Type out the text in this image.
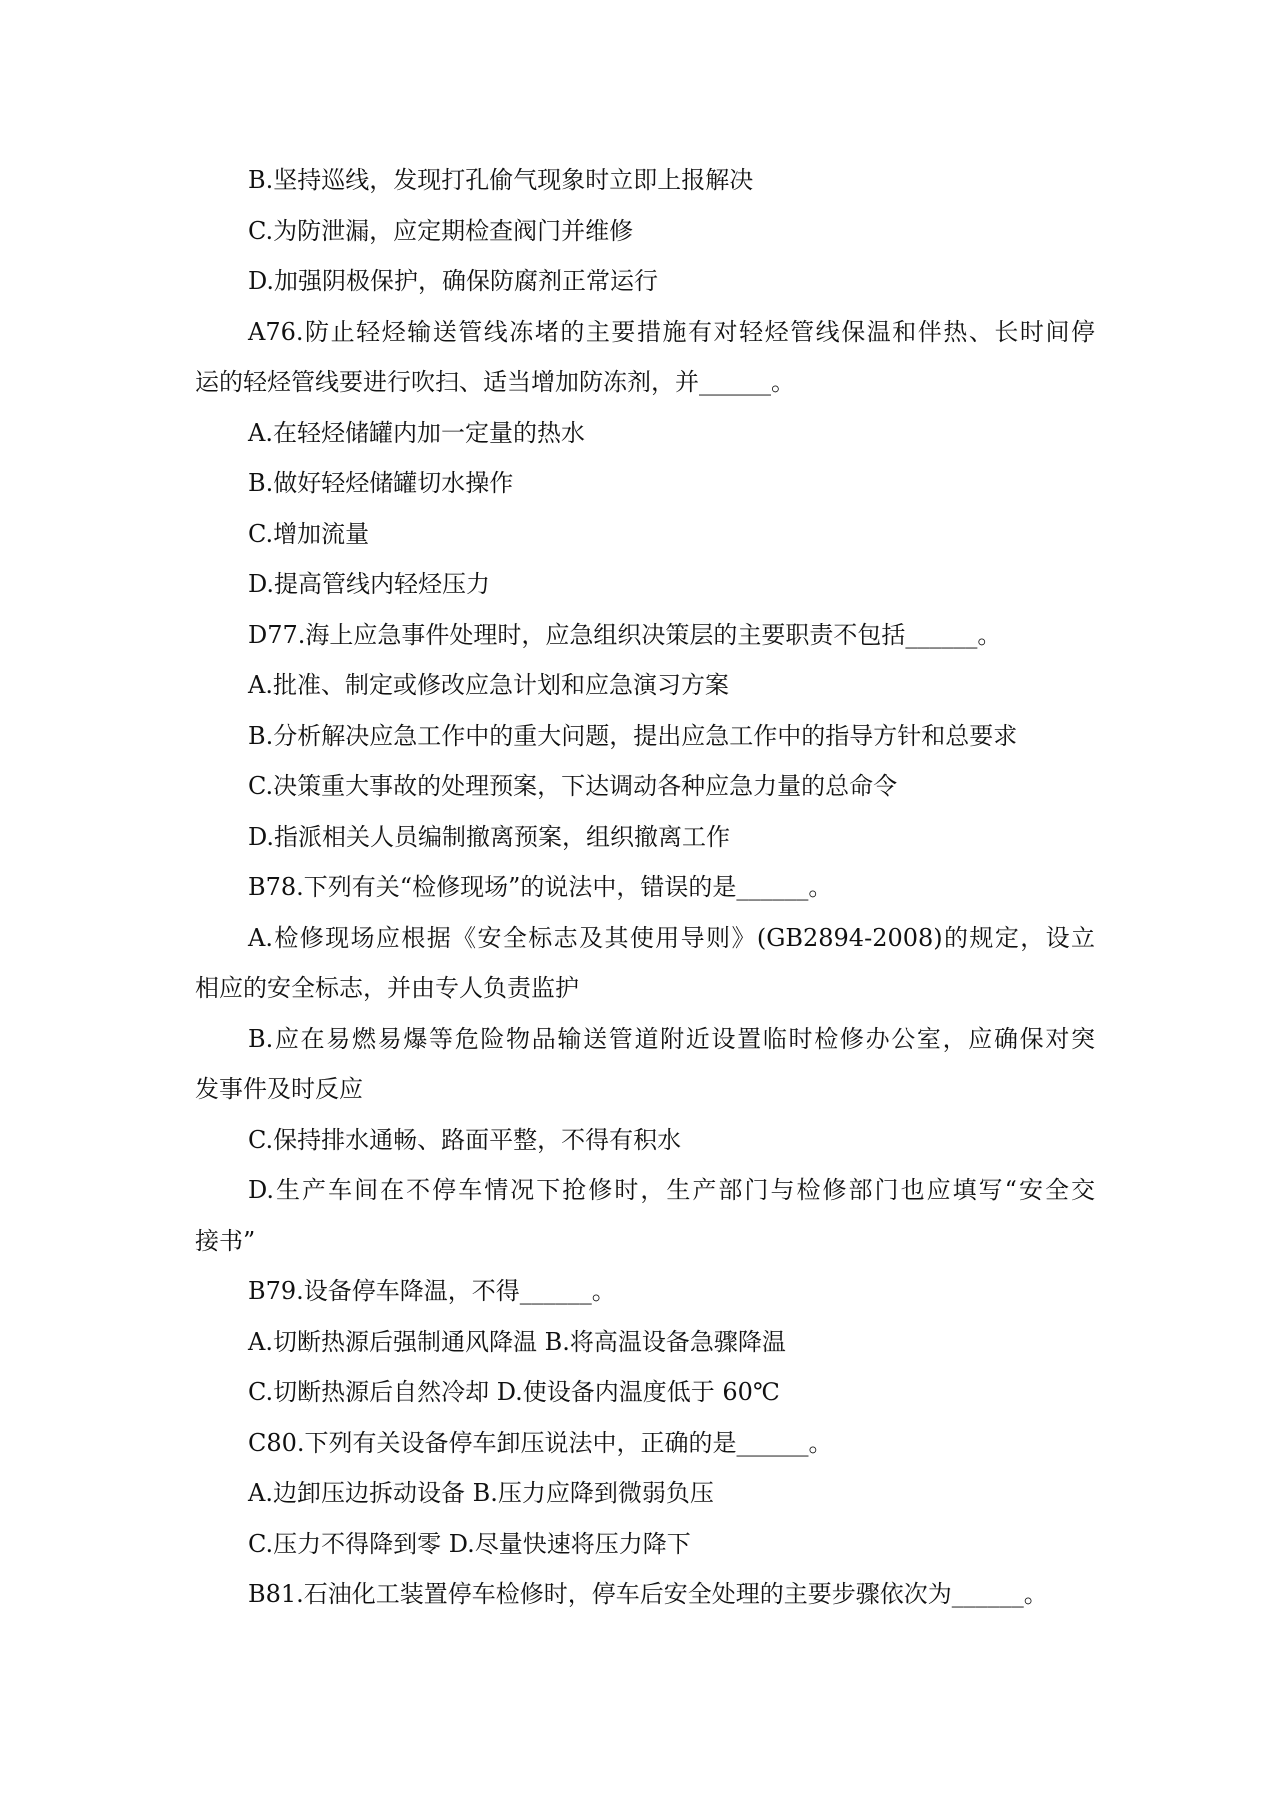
B.坚持巡线，发现打孔偷气现象时立即上报解决
C.为防泄漏，应定期检查阀门并维修
D.加强阴极保护，确保防腐剂正常运行
A76.防止轻烃输送管线冻堵的主要措施有对轻烃管线保温和伴热、长时间停
运的轻烃管线要进行吹扫、适当增加防冻剂，并______。
A.在轻烃储罐内加一定量的热水
B.做好轻烃储罐切水操作
C.增加流量
D.提高管线内轻烃压力
D77.海上应急事件处理时，应急组织决策层的主要职责不包括______。
A.批准、制定或修改应急计划和应急演习方案
B.分析解决应急工作中的重大问题，提出应急工作中的指导方针和总要求
C.决策重大事故的处理预案，下达调动各种应急力量的总命令
D.指派相关人员编制撤离预案，组织撤离工作
B78.下列有关“检修现场”的说法中，错误的是______。
A.检修现场应根据《安全标志及其使用导则》(GB2894-2008)的规定，设立
相应的安全标志，并由专人负责监护
B.应在易燃易爆等危险物品输送管道附近设置临时检修办公室，应确保对突
发事件及时反应
C.保持排水通畅、路面平整，不得有积水
D.生产车间在不停车情况下抢修时，生产部门与检修部门也应填写“安全交
接书”
B79.设备停车降温，不得______。
A.切断热源后强制通风降温 B.将高温设备急骤降温
C.切断热源后自然冷却 D.使设备内温度低于 60℃
C80.下列有关设备停车卸压说法中，正确的是______。
A.边卸压边拆动设备 B.压力应降到微弱负压
C.压力不得降到零 D.尽量快速将压力降下
B81.石油化工装置停车检修时，停车后安全处理的主要步骤依次为______。
